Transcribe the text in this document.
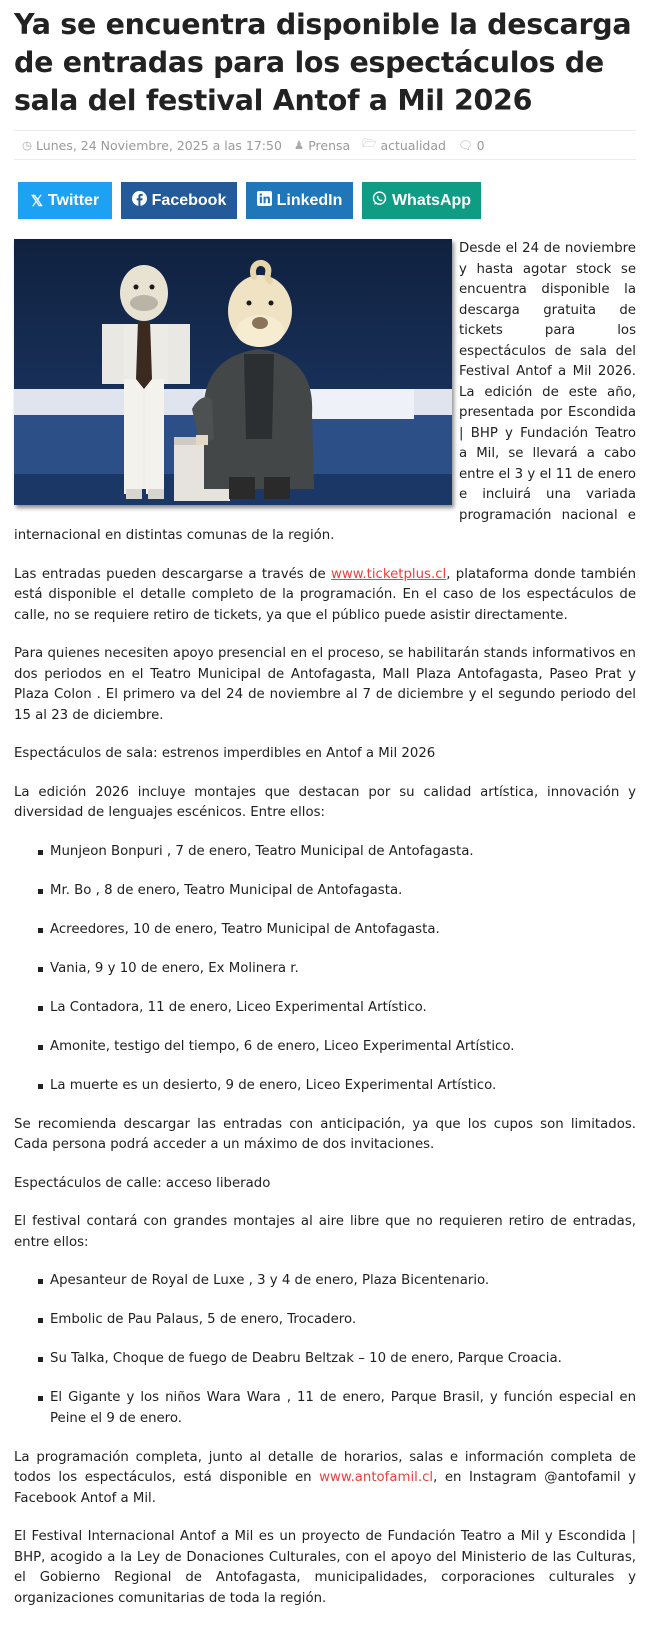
Ya se encuentra disponible la descarga de entradas para los espectáculos de sala del festival Antof a Mil 2026
◷ Lunes, 24 Noviembre, 2025 a las 17:50 ♟ Prensa 🗁 actualidad 🗨 0
𝕏 Twitter	Facebook	LinkedIn	WhatsApp

Desde el 24 de noviembre y hasta agotar stock se encuentra disponible la descarga gratuita de tickets para los espectáculos de sala del Festival Antof a Mil 2026. La edición de este año, presentada por Escondida | BHP y Fundación Teatro a Mil, se llevará a cabo entre el 3 y el 11 de enero e incluirá una variada programación nacional e internacional en distintas comunas de la región.

Las entradas pueden descargarse a través de www.ticketplus.cl, plataforma donde también está disponible el detalle completo de la programación. En el caso de los espectáculos de calle, no se requiere retiro de tickets, ya que el público puede asistir directamente.

Para quienes necesiten apoyo presencial en el proceso, se habilitarán stands informativos en dos periodos en el Teatro Municipal de Antofagasta, Mall Plaza Antofagasta, Paseo Prat y Plaza Colon . El primero va del 24 de noviembre al 7 de diciembre y el segundo periodo del 15 al 23 de diciembre.

Espectáculos de sala: estrenos imperdibles en Antof a Mil 2026

La edición 2026 incluye montajes que destacan por su calidad artística, innovación y diversidad de lenguajes escénicos. Entre ellos:

Munjeon Bonpuri , 7 de enero, Teatro Municipal de Antofagasta.
Mr. Bo , 8 de enero, Teatro Municipal de Antofagasta.
Acreedores, 10 de enero, Teatro Municipal de Antofagasta.
Vania, 9 y 10 de enero, Ex Molinera r.
La Contadora, 11 de enero, Liceo Experimental Artístico.
Amonite, testigo del tiempo, 6 de enero, Liceo Experimental Artístico.
La muerte es un desierto, 9 de enero, Liceo Experimental Artístico.

Se recomienda descargar las entradas con anticipación, ya que los cupos son limitados. Cada persona podrá acceder a un máximo de dos invitaciones.

Espectáculos de calle: acceso liberado

El festival contará con grandes montajes al aire libre que no requieren retiro de entradas, entre ellos:

Apesanteur de Royal de Luxe , 3 y 4 de enero, Plaza Bicentenario.
Embolic de Pau Palaus, 5 de enero, Trocadero.
Su Talka, Choque de fuego de Deabru Beltzak – 10 de enero, Parque Croacia.
El Gigante y los niños Wara Wara , 11 de enero, Parque Brasil, y función especial en Peine el 9 de enero.

La programación completa, junto al detalle de horarios, salas e información completa de todos los espectáculos, está disponible en www.antofamil.cl, en Instagram @antofamil y Facebook Antof a Mil.

El Festival Internacional Antof a Mil es un proyecto de Fundación Teatro a Mil y Escondida | BHP, acogido a la Ley de Donaciones Culturales, con el apoyo del Ministerio de las Culturas, el Gobierno Regional de Antofagasta, municipalidades, corporaciones culturales y organizaciones comunitarias de toda la región.
